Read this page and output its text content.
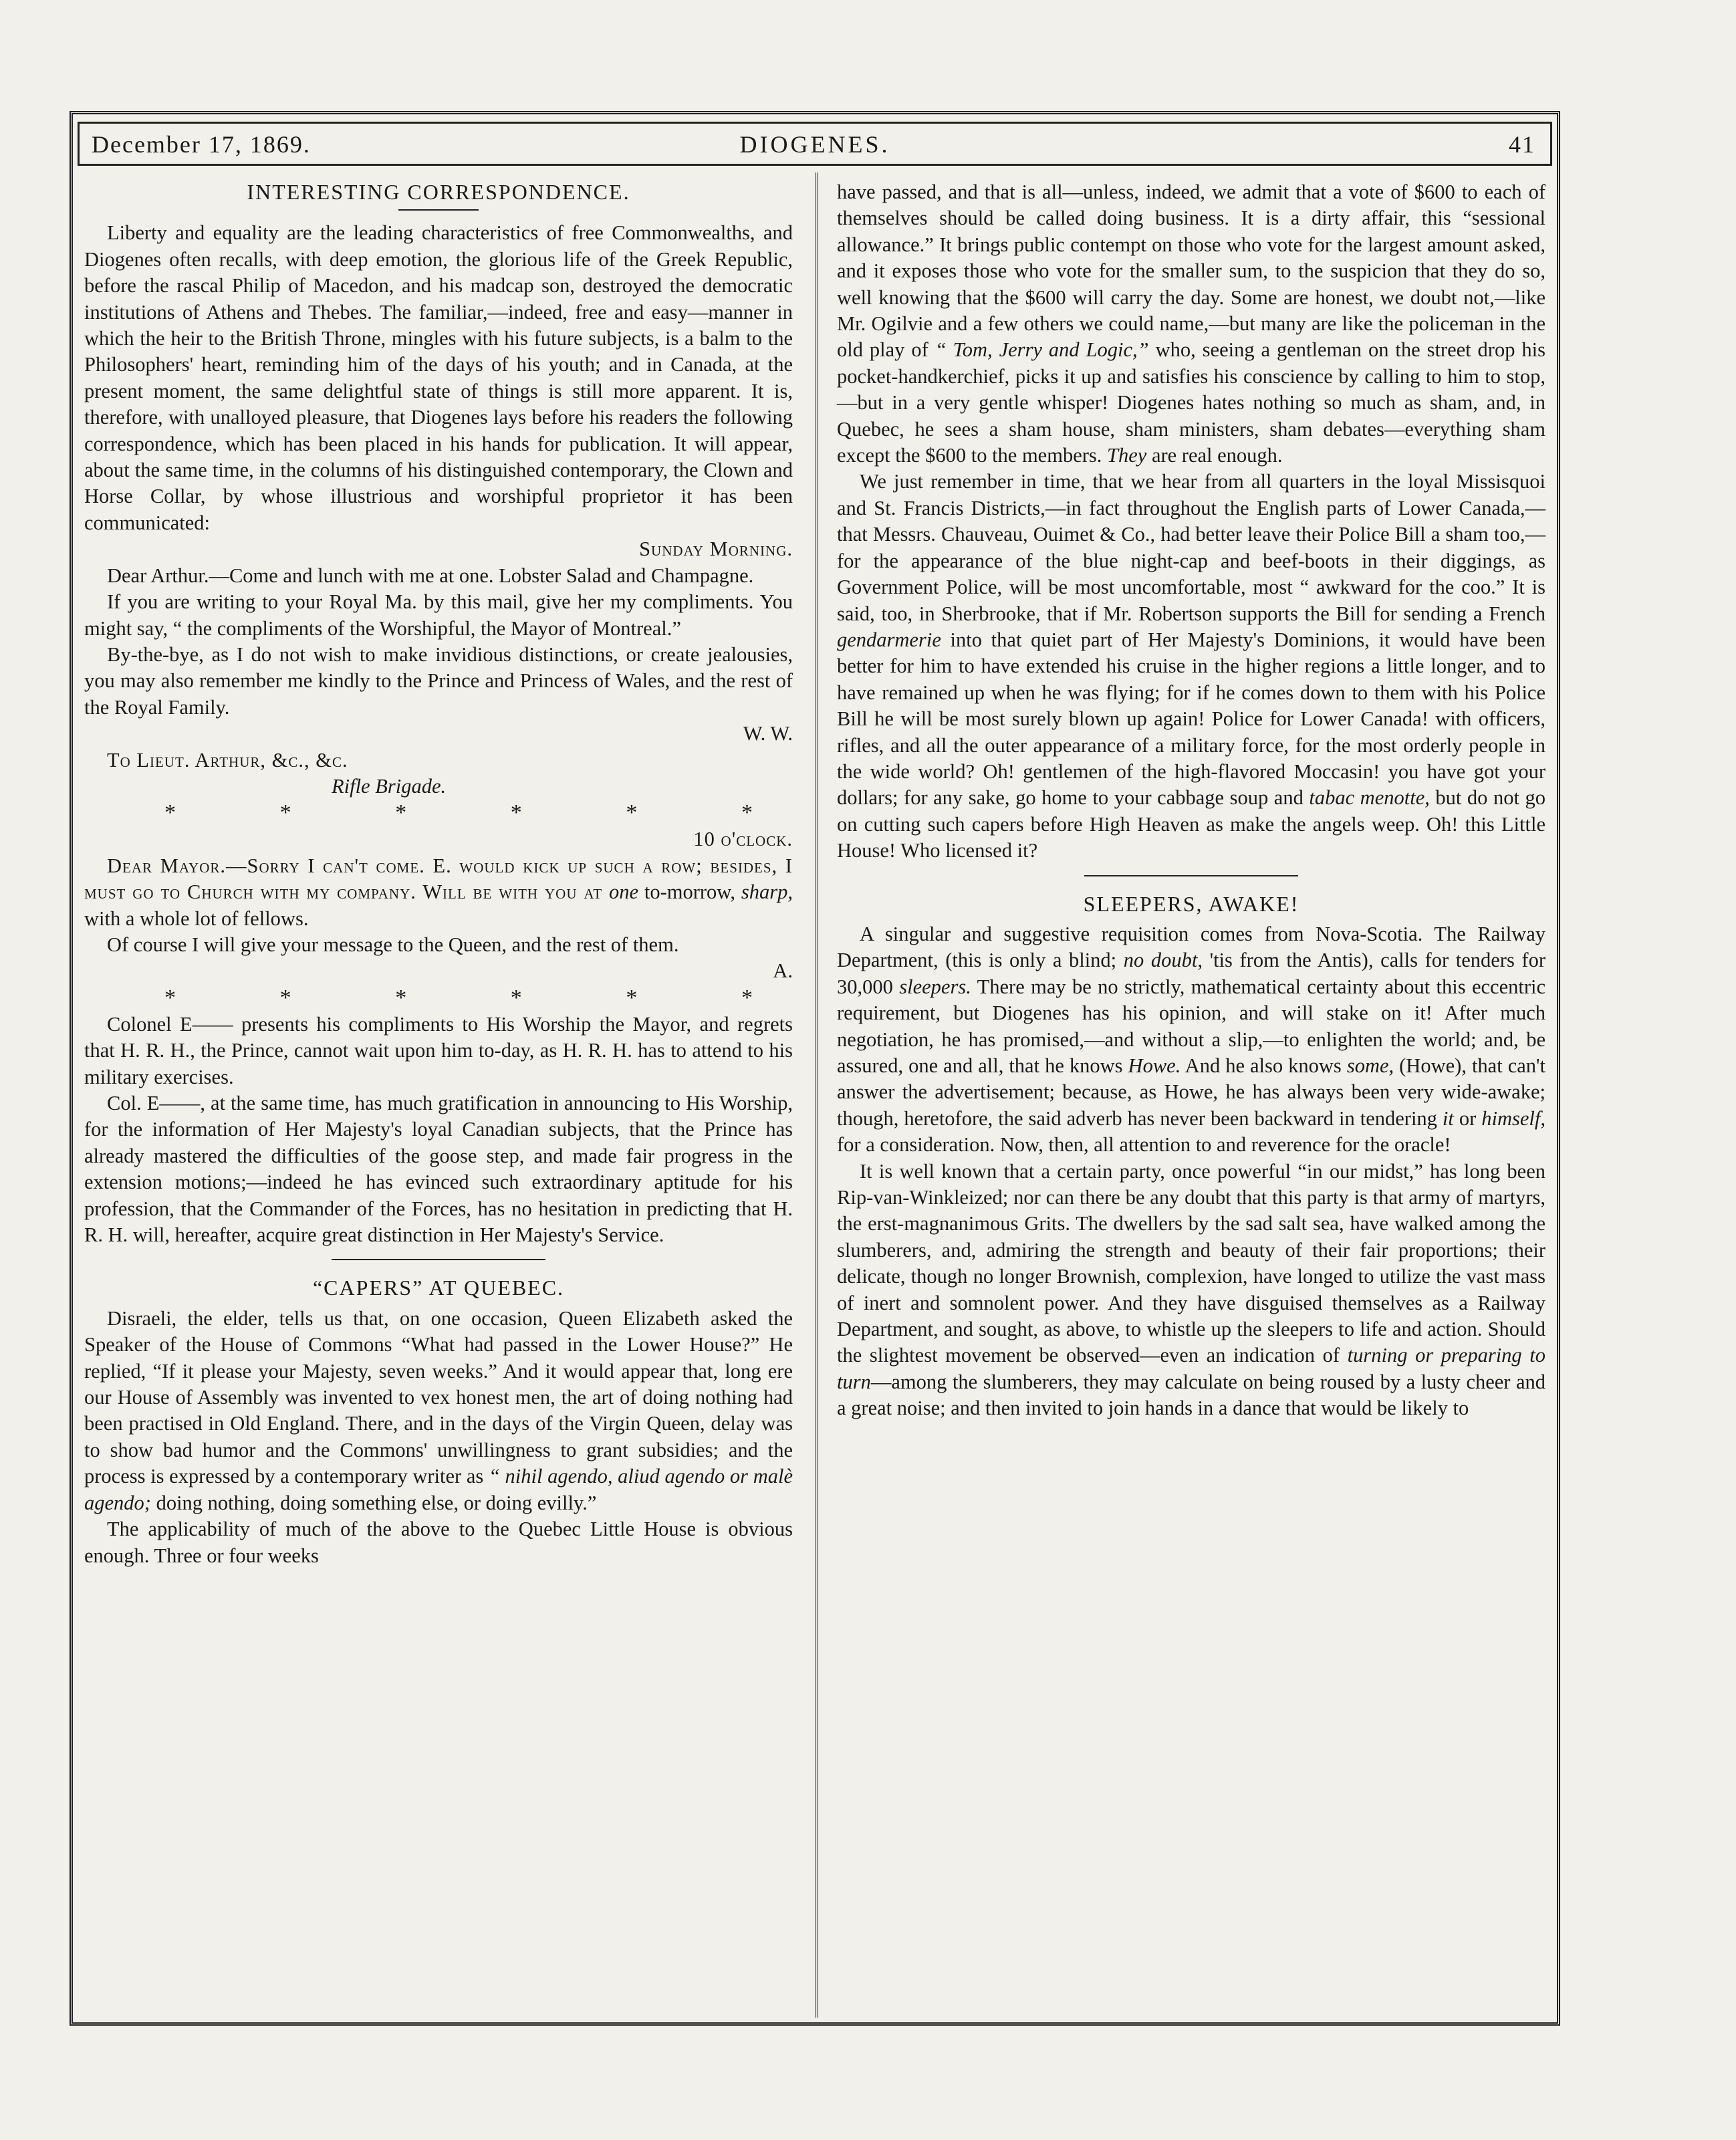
December 17, 1869.	DIOGENES.	41
INTERESTING CORRESPONDENCE.

Liberty and equality are the leading characteristics of free Commonwealths, and Diogenes often recalls, with deep emotion, the glorious life of the Greek Republic, before the rascal Philip of Macedon, and his madcap son, destroyed the democratic institutions of Athens and Thebes. The familiar,—indeed, free and easy—manner in which the heir to the British Throne, mingles with his future subjects, is a balm to the Philosophers' heart, reminding him of the days of his youth; and in Canada, at the present moment, the same delightful state of things is still more apparent. It is, therefore, with unalloyed pleasure, that Diogenes lays before his readers the following correspondence, which has been placed in his hands for publication. It will appear, about the same time, in the columns of his distinguished contemporary, the Clown and Horse Collar, by whose illustrious and worshipful proprietor it has been communicated:

Sunday Morning.

Dear Arthur.—Come and lunch with me at one. Lobster Salad and Champagne.

If you are writing to your Royal Ma. by this mail, give her my compliments. You might say, “ the compliments of the Worshipful, the Mayor of Montreal.”

By-the-bye, as I do not wish to make invidious distinctions, or create jealousies, you may also remember me kindly to the Prince and Princess of Wales, and the rest of the Royal Family.

W. W.

To Lieut. Arthur, &c., &c.

Rifle Brigade.

*	*	*	*	*	*

10 o'clock.

Dear Mayor.—Sorry I can't come. E. would kick up such a row; besides, I must go to Church with my company. Will be with you at one to-morrow, sharp, with a whole lot of fellows.

Of course I will give your message to the Queen, and the rest of them.

A.

*	*	*	*	*	*

Colonel E—— presents his compliments to His Worship the Mayor, and regrets that H. R. H., the Prince, cannot wait upon him to-day, as H. R. H. has to attend to his military exercises.

Col. E——, at the same time, has much gratification in announcing to His Worship, for the information of Her Majesty's loyal Canadian subjects, that the Prince has already mastered the difficulties of the goose step, and made fair progress in the extension motions;—indeed he has evinced such extraordinary aptitude for his profession, that the Commander of the Forces, has no hesitation in predicting that H. R. H. will, hereafter, acquire great distinction in Her Majesty's Service.

“CAPERS” AT QUEBEC.

Disraeli, the elder, tells us that, on one occasion, Queen Elizabeth asked the Speaker of the House of Commons “What had passed in the Lower House?” He replied, “If it please your Majesty, seven weeks.” And it would appear that, long ere our House of Assembly was invented to vex honest men, the art of doing nothing had been practised in Old England. There, and in the days of the Virgin Queen, delay was to show bad humor and the Commons' unwillingness to grant subsidies; and the process is expressed by a contemporary writer as “ nihil agendo, aliud agendo or malè agendo; doing nothing, doing something else, or doing evilly.”

The applicability of much of the above to the Quebec Little House is obvious enough. Three or four weeks

have passed, and that is all—unless, indeed, we admit that a vote of $600 to each of themselves should be called doing business. It is a dirty affair, this “sessional allowance.” It brings public contempt on those who vote for the largest amount asked, and it exposes those who vote for the smaller sum, to the suspicion that they do so, well knowing that the $600 will carry the day. Some are honest, we doubt not,—like Mr. Ogilvie and a few others we could name,—but many are like the policeman in the old play of “ Tom, Jerry and Logic,” who, seeing a gentleman on the street drop his pocket-handkerchief, picks it up and satisfies his conscience by calling to him to stop,—but in a very gentle whisper! Diogenes hates nothing so much as sham, and, in Quebec, he sees a sham house, sham ministers, sham debates—everything sham except the $600 to the members. They are real enough.

We just remember in time, that we hear from all quarters in the loyal Missisquoi and St. Francis Districts,—in fact throughout the English parts of Lower Canada,—that Messrs. Chauveau, Ouimet & Co., had better leave their Police Bill a sham too,—for the appearance of the blue night-cap and beef-boots in their diggings, as Government Police, will be most uncomfortable, most “ awkward for the coo.” It is said, too, in Sherbrooke, that if Mr. Robertson supports the Bill for sending a French gendarmerie into that quiet part of Her Majesty's Dominions, it would have been better for him to have extended his cruise in the higher regions a little longer, and to have remained up when he was flying; for if he comes down to them with his Police Bill he will be most surely blown up again! Police for Lower Canada! with officers, rifles, and all the outer appearance of a military force, for the most orderly people in the wide world? Oh! gentlemen of the high-flavored Moccasin! you have got your dollars; for any sake, go home to your cabbage soup and tabac menotte, but do not go on cutting such capers before High Heaven as make the angels weep. Oh! this Little House! Who licensed it?

SLEEPERS, AWAKE!

A singular and suggestive requisition comes from Nova-Scotia. The Railway Department, (this is only a blind; no doubt, 'tis from the Antis), calls for tenders for 30,000 sleepers. There may be no strictly, mathematical certainty about this eccentric requirement, but Diogenes has his opinion, and will stake on it! After much negotiation, he has promised,—and without a slip,—to enlighten the world; and, be assured, one and all, that he knows Howe. And he also knows some, (Howe), that can't answer the advertisement; because, as Howe, he has always been very wide-awake; though, heretofore, the said adverb has never been backward in tendering it or himself, for a consideration. Now, then, all attention to and reverence for the oracle!

It is well known that a certain party, once powerful “in our midst,” has long been Rip-van-Winkleized; nor can there be any doubt that this party is that army of martyrs, the erst-magnanimous Grits. The dwellers by the sad salt sea, have walked among the slumberers, and, admiring the strength and beauty of their fair proportions; their delicate, though no longer Brownish, complexion, have longed to utilize the vast mass of inert and somnolent power. And they have disguised themselves as a Railway Department, and sought, as above, to whistle up the sleepers to life and action. Should the slightest movement be observed—even an indication of turning or preparing to turn—among the slumberers, they may calculate on being roused by a lusty cheer and a great noise; and then invited to join hands in a dance that would be likely to
